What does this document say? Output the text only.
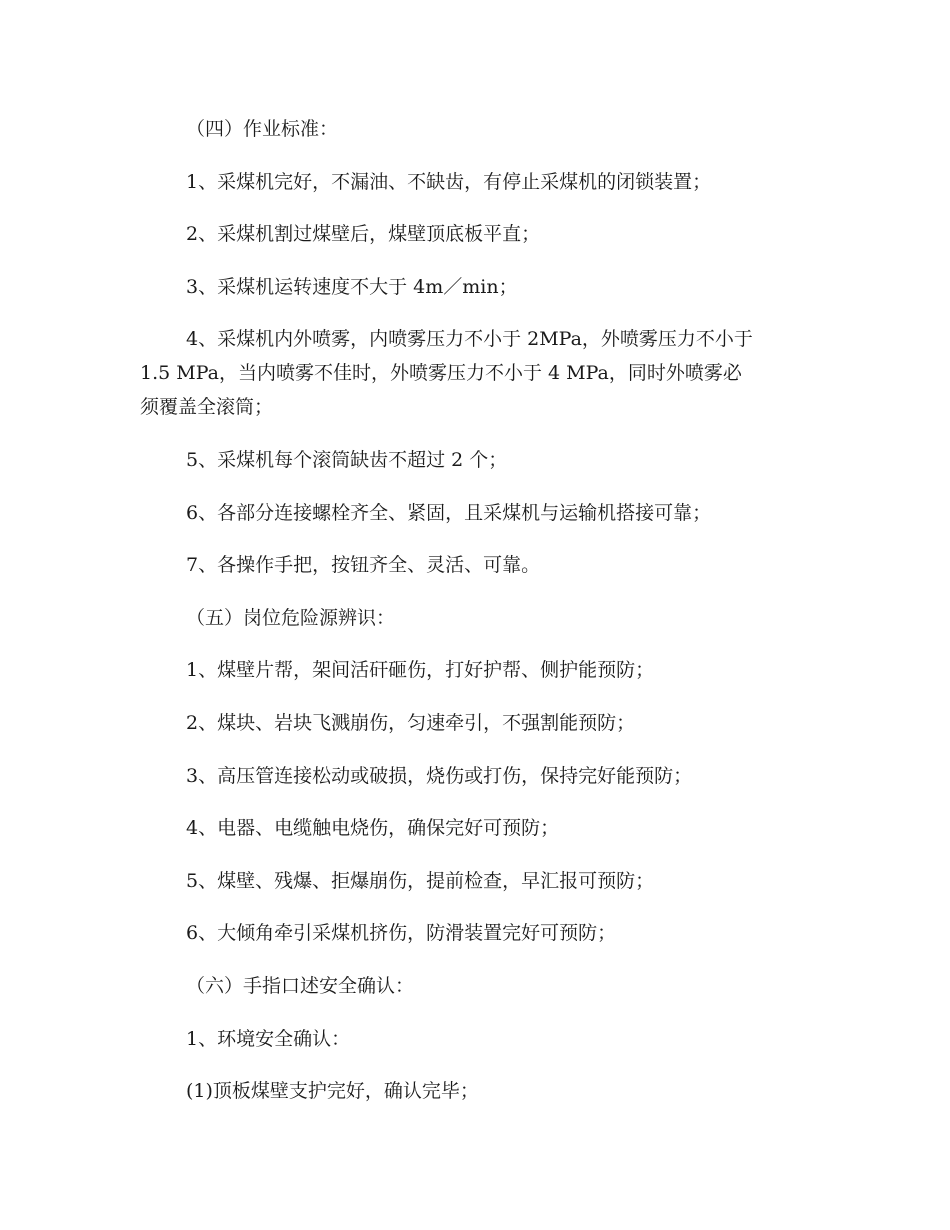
（四）作业标准：

1、采煤机完好，不漏油、不缺齿，有停止采煤机的闭锁装置；

2、采煤机割过煤壁后，煤壁顶底板平直；

3、采煤机运转速度不大于 4m／min；

4、采煤机内外喷雾，内喷雾压力不小于 2MPa，外喷雾压力不小于

1.5 MPa，当内喷雾不佳时，外喷雾压力不小于 4 MPa，同时外喷雾必

须覆盖全滚筒；

5、采煤机每个滚筒缺齿不超过 2 个；

6、各部分连接螺栓齐全、紧固，且采煤机与运输机搭接可靠；

7、各操作手把，按钮齐全、灵活、可靠。

（五）岗位危险源辨识：

1、煤壁片帮，架间活矸砸伤，打好护帮、侧护能预防；

2、煤块、岩块飞溅崩伤，匀速牵引，不强割能预防；

3、高压管连接松动或破损，烧伤或打伤，保持完好能预防；

4、电器、电缆触电烧伤，确保完好可预防；

5、煤壁、残爆、拒爆崩伤，提前检查，早汇报可预防；

6、大倾角牵引采煤机挤伤，防滑装置完好可预防；

（六）手指口述安全确认：

1、环境安全确认：

(1)顶板煤壁支护完好，确认完毕；
